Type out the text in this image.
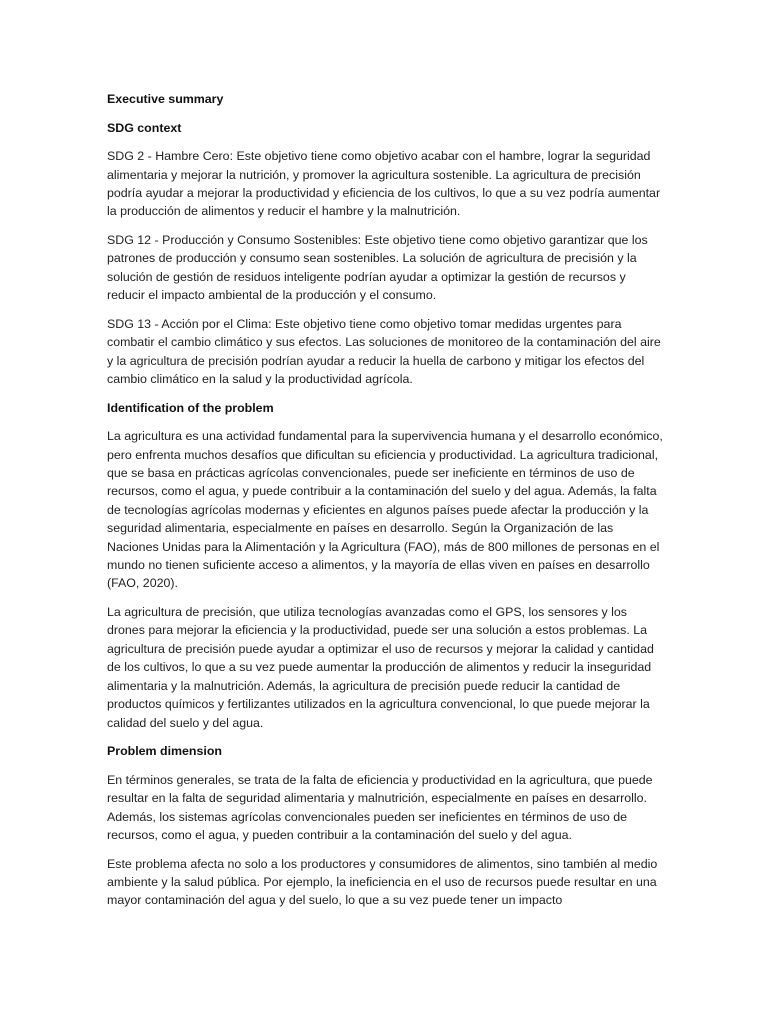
Executive summary

SDG context

SDG 2 - Hambre Cero: Este objetivo tiene como objetivo acabar con el hambre, lograr la seguridad alimentaria y mejorar la nutrición, y promover la agricultura sostenible. La agricultura de precisión podría ayudar a mejorar la productividad y eficiencia de los cultivos, lo que a su vez podría aumentar la producción de alimentos y reducir el hambre y la malnutrición.

SDG 12 - Producción y Consumo Sostenibles: Este objetivo tiene como objetivo garantizar que los patrones de producción y consumo sean sostenibles. La solución de agricultura de precisión y la solución de gestión de residuos inteligente podrían ayudar a optimizar la gestión de recursos y reducir el impacto ambiental de la producción y el consumo.

SDG 13 - Acción por el Clima: Este objetivo tiene como objetivo tomar medidas urgentes para combatir el cambio climático y sus efectos. Las soluciones de monitoreo de la contaminación del aire y la agricultura de precisión podrían ayudar a reducir la huella de carbono y mitigar los efectos del cambio climático en la salud y la productividad agrícola.

Identification of the problem

La agricultura es una actividad fundamental para la supervivencia humana y el desarrollo económico, pero enfrenta muchos desafíos que dificultan su eficiencia y productividad. La agricultura tradicional, que se basa en prácticas agrícolas convencionales, puede ser ineficiente en términos de uso de recursos, como el agua, y puede contribuir a la contaminación del suelo y del agua. Además, la falta de tecnologías agrícolas modernas y eficientes en algunos países puede afectar la producción y la seguridad alimentaria, especialmente en países en desarrollo. Según la Organización de las Naciones Unidas para la Alimentación y la Agricultura (FAO), más de 800 millones de personas en el mundo no tienen suficiente acceso a alimentos, y la mayoría de ellas viven en países en desarrollo (FAO, 2020).

La agricultura de precisión, que utiliza tecnologías avanzadas como el GPS, los sensores y los drones para mejorar la eficiencia y la productividad, puede ser una solución a estos problemas. La agricultura de precisión puede ayudar a optimizar el uso de recursos y mejorar la calidad y cantidad de los cultivos, lo que a su vez puede aumentar la producción de alimentos y reducir la inseguridad alimentaria y la malnutrición. Además, la agricultura de precisión puede reducir la cantidad de productos químicos y fertilizantes utilizados en la agricultura convencional, lo que puede mejorar la calidad del suelo y del agua.

Problem dimension

En términos generales, se trata de la falta de eficiencia y productividad en la agricultura, que puede resultar en la falta de seguridad alimentaria y malnutrición, especialmente en países en desarrollo. Además, los sistemas agrícolas convencionales pueden ser ineficientes en términos de uso de recursos, como el agua, y pueden contribuir a la contaminación del suelo y del agua.

Este problema afecta no solo a los productores y consumidores de alimentos, sino también al medio ambiente y la salud pública. Por ejemplo, la ineficiencia en el uso de recursos puede resultar en una mayor contaminación del agua y del suelo, lo que a su vez puede tener un impacto
